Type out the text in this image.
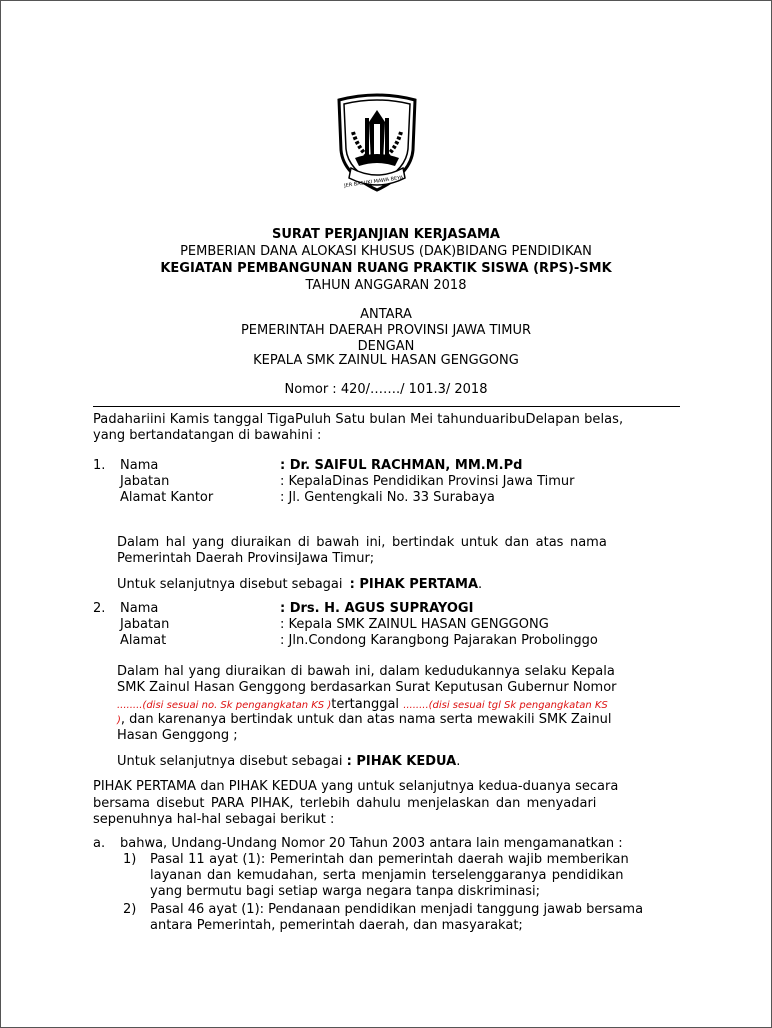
JER BASUKI MAWA BEYA
SURAT PERJANJIAN KERJASAMA
PEMBERIAN DANA ALOKASI KHUSUS (DAK)BIDANG PENDIDIKAN
KEGIATAN PEMBANGUNAN RUANG PRAKTIK SISWA (RPS)-SMK
TAHUN ANGGARAN 2018
ANTARA
PEMERINTAH DAERAH PROVINSI JAWA TIMUR
DENGAN
KEPALA SMK ZAINUL HASAN GENGGONG
Nomor : 420/……./ 101.3/ 2018
Padahariini Kamis tanggal TigaPuluh Satu bulan Mei tahunduaribuDelapan belas,
yang bertandatangan di bawahini :
1. Nama	: Dr. SAIFUL RACHMAN, MM.M.Pd
Jabatan	: KepalaDinas Pendidikan Provinsi Jawa Timur
Alamat Kantor	: Jl. Gentengkali No. 33 Surabaya
Dalam hal yang diuraikan di bawah ini, bertindak untuk dan atas nama
Pemerintah Daerah ProvinsiJawa Timur;
Untuk selanjutnya disebut sebagai : PIHAK PERTAMA.
2. Nama	: Drs. H. AGUS SUPRAYOGI
Jabatan	: Kepala SMK ZAINUL HASAN GENGGONG
Alamat	: Jln.Condong Karangbong Pajarakan Probolinggo
Dalam hal yang diuraikan di bawah ini, dalam kedudukannya selaku Kepala
SMK Zainul Hasan Genggong berdasarkan Surat Keputusan Gubernur Nomor
........(disi sesuai no. Sk pengangkatan KS )tertanggal ........(disi sesuai tgl Sk pengangkatan KS
), dan karenanya bertindak untuk dan atas nama serta mewakili SMK Zainul
Hasan Genggong ;
Untuk selanjutnya disebut sebagai : PIHAK KEDUA.
PIHAK PERTAMA dan PIHAK KEDUA yang untuk selanjutnya kedua-duanya secara
bersama disebut PARA PIHAK, terlebih dahulu menjelaskan dan menyadari
sepenuhnya hal-hal sebagai berikut :
a. bahwa, Undang-Undang Nomor 20 Tahun 2003 antara lain mengamanatkan :
1) Pasal 11 ayat (1): Pemerintah dan pemerintah daerah wajib memberikan
layanan dan kemudahan, serta menjamin terselenggaranya pendidikan
yang bermutu bagi setiap warga negara tanpa diskriminasi;
2) Pasal 46 ayat (1): Pendanaan pendidikan menjadi tanggung jawab bersama
antara Pemerintah, pemerintah daerah, dan masyarakat;
